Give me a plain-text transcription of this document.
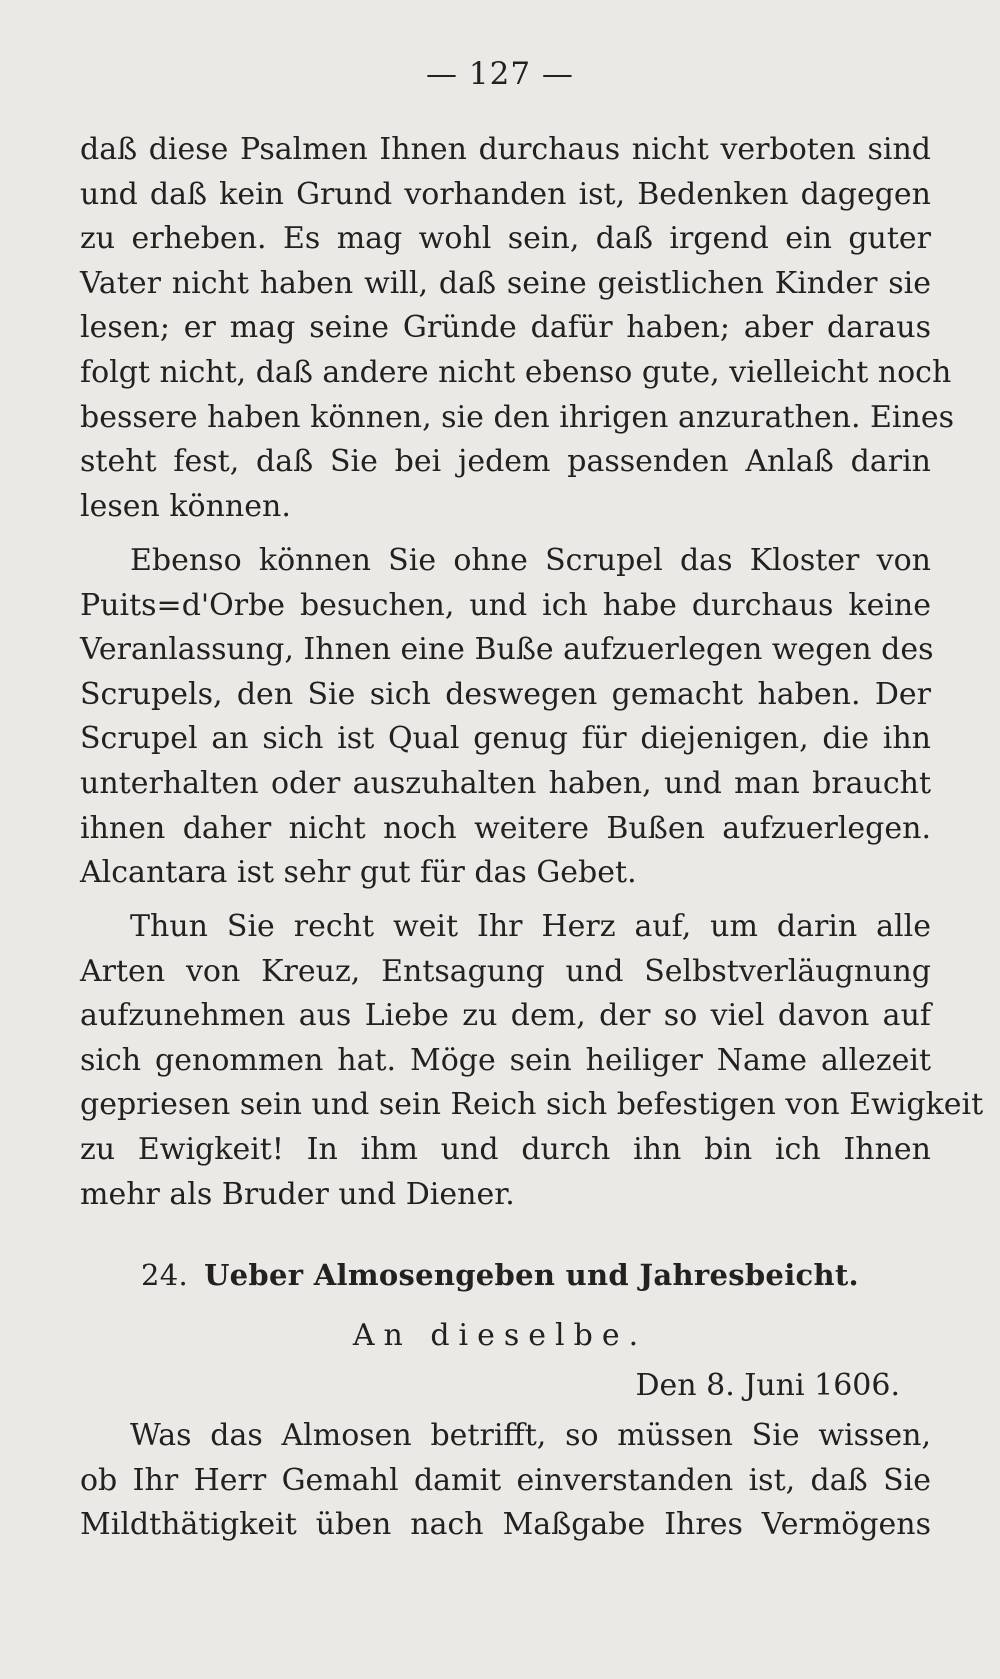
— 127 —
daß diese Psalmen Ihnen durchaus nicht verboten sind
und daß kein Grund vorhanden ist, Bedenken dagegen
zu erheben. Es mag wohl sein, daß irgend ein guter
Vater nicht haben will, daß seine geistlichen Kinder sie
lesen; er mag seine Gründe dafür haben; aber daraus
folgt nicht, daß andere nicht ebenso gute, vielleicht noch
bessere haben können, sie den ihrigen anzurathen. Eines
steht fest, daß Sie bei jedem passenden Anlaß darin
lesen können.
Ebenso können Sie ohne Scrupel das Kloster von
Puits=d'Orbe besuchen, und ich habe durchaus keine
Veranlassung, Ihnen eine Buße aufzuerlegen wegen des
Scrupels, den Sie sich deswegen gemacht haben. Der
Scrupel an sich ist Qual genug für diejenigen, die ihn
unterhalten oder auszuhalten haben, und man braucht
ihnen daher nicht noch weitere Bußen aufzuerlegen.
Alcantara ist sehr gut für das Gebet.
Thun Sie recht weit Ihr Herz auf, um darin alle
Arten von Kreuz, Entsagung und Selbstverläugnung
aufzunehmen aus Liebe zu dem, der so viel davon auf
sich genommen hat. Möge sein heiliger Name allezeit
gepriesen sein und sein Reich sich befestigen von Ewigkeit
zu Ewigkeit! In ihm und durch ihn bin ich Ihnen
mehr als Bruder und Diener.
24. Ueber Almosengeben und Jahresbeicht.
An dieselbe.
Den 8. Juni 1606.
Was das Almosen betrifft, so müssen Sie wissen,
ob Ihr Herr Gemahl damit einverstanden ist, daß Sie
Mildthätigkeit üben nach Maßgabe Ihres Vermögens
